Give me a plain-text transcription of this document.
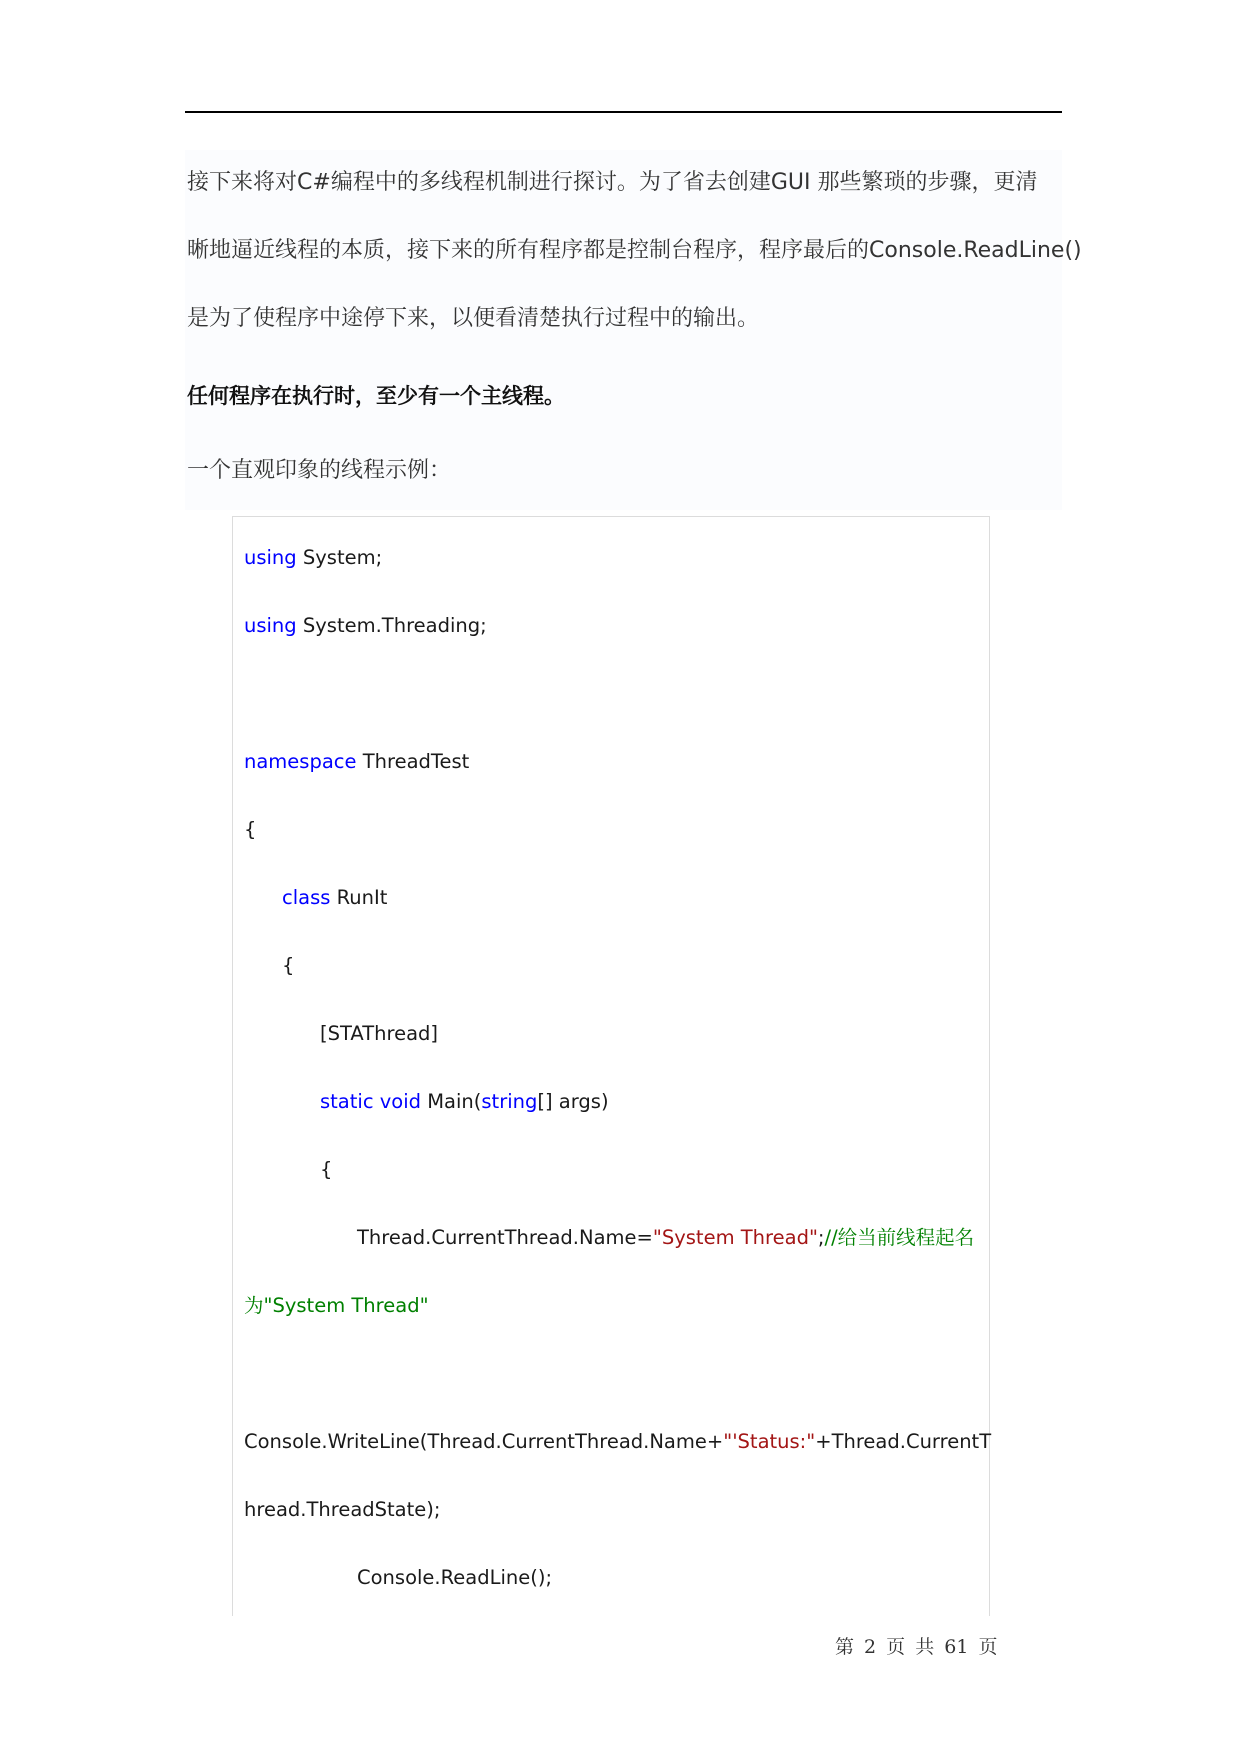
接下来将对C#编程中的多线程机制进行探讨。为了省去创建GUI 那些繁琐的步骤，更清
晰地逼近线程的本质，接下来的所有程序都是控制台程序，程序最后的Console.ReadLine()
是为了使程序中途停下来，以便看清楚执行过程中的输出。
任何程序在执行时，至少有一个主线程。
一个直观印象的线程示例：
using System;
using System.Threading;
namespace ThreadTest
{
class RunIt
{
[STAThread]
static void Main(string[] args)
{
Thread.CurrentThread.Name="System Thread";//给当前线程起名
为"System Thread"
Console.WriteLine(Thread.CurrentThread.Name+"'Status:"+Thread.CurrentT
hread.ThreadState);
Console.ReadLine();
第 2 页 共 61 页
